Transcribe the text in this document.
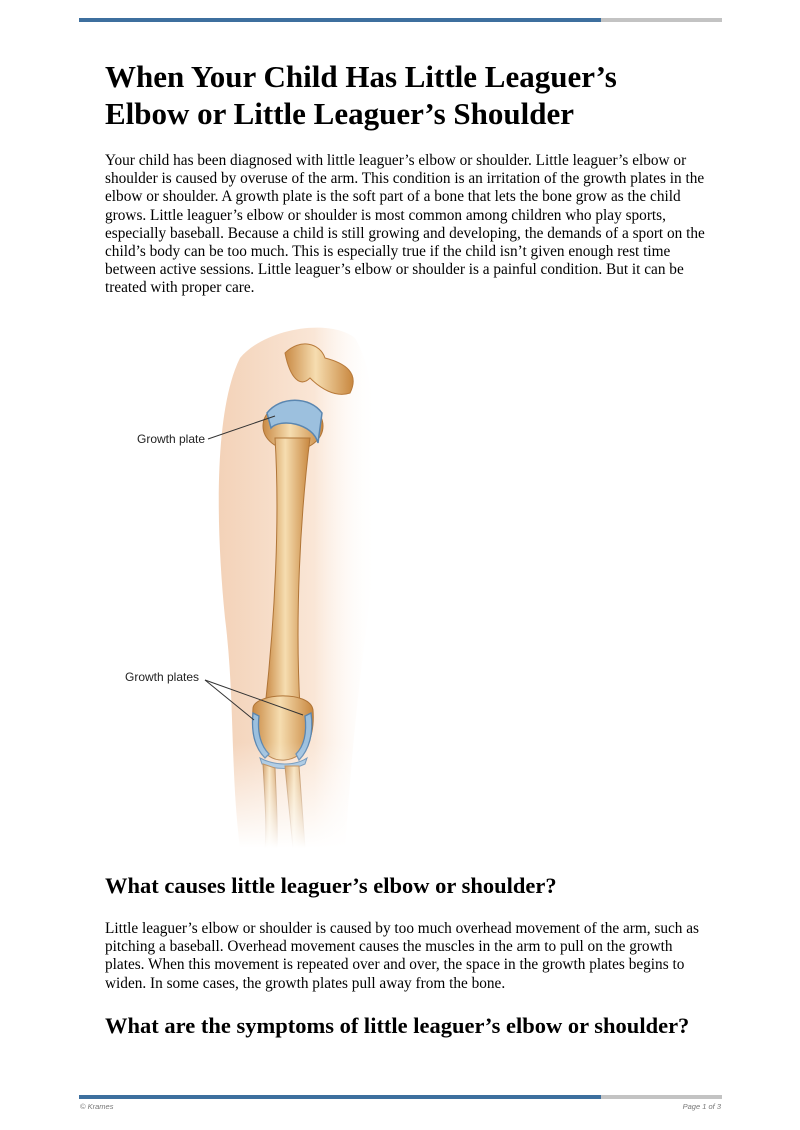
When Your Child Has Little Leaguer’s Elbow or Little Leaguer’s Shoulder

Your child has been diagnosed with little leaguer’s elbow or shoulder. Little leaguer’s elbow or shoulder is caused by overuse of the arm. This condition is an irritation of the growth plates in the elbow or shoulder. A growth plate is the soft part of a bone that lets the bone grow as the child grows. Little leaguer’s elbow or shoulder is most common among children who play sports, especially baseball. Because a child is still growing and developing, the demands of a sport on the child’s body can be too much. This is especially true if the child isn’t given enough rest time between active sessions. Little leaguer’s elbow or shoulder is a painful condition. But it can be treated with proper care.

Growth plate
Growth plates
What causes little leaguer’s elbow or shoulder?

Little leaguer’s elbow or shoulder is caused by too much overhead movement of the arm, such as pitching a baseball. Overhead movement causes the muscles in the arm to pull on the growth plates. When this movement is repeated over and over, the space in the growth plates begins to widen. In some cases, the growth plates pull away from the bone.

What are the symptoms of little leaguer’s elbow or shoulder?
© Krames	Page 1 of 3
